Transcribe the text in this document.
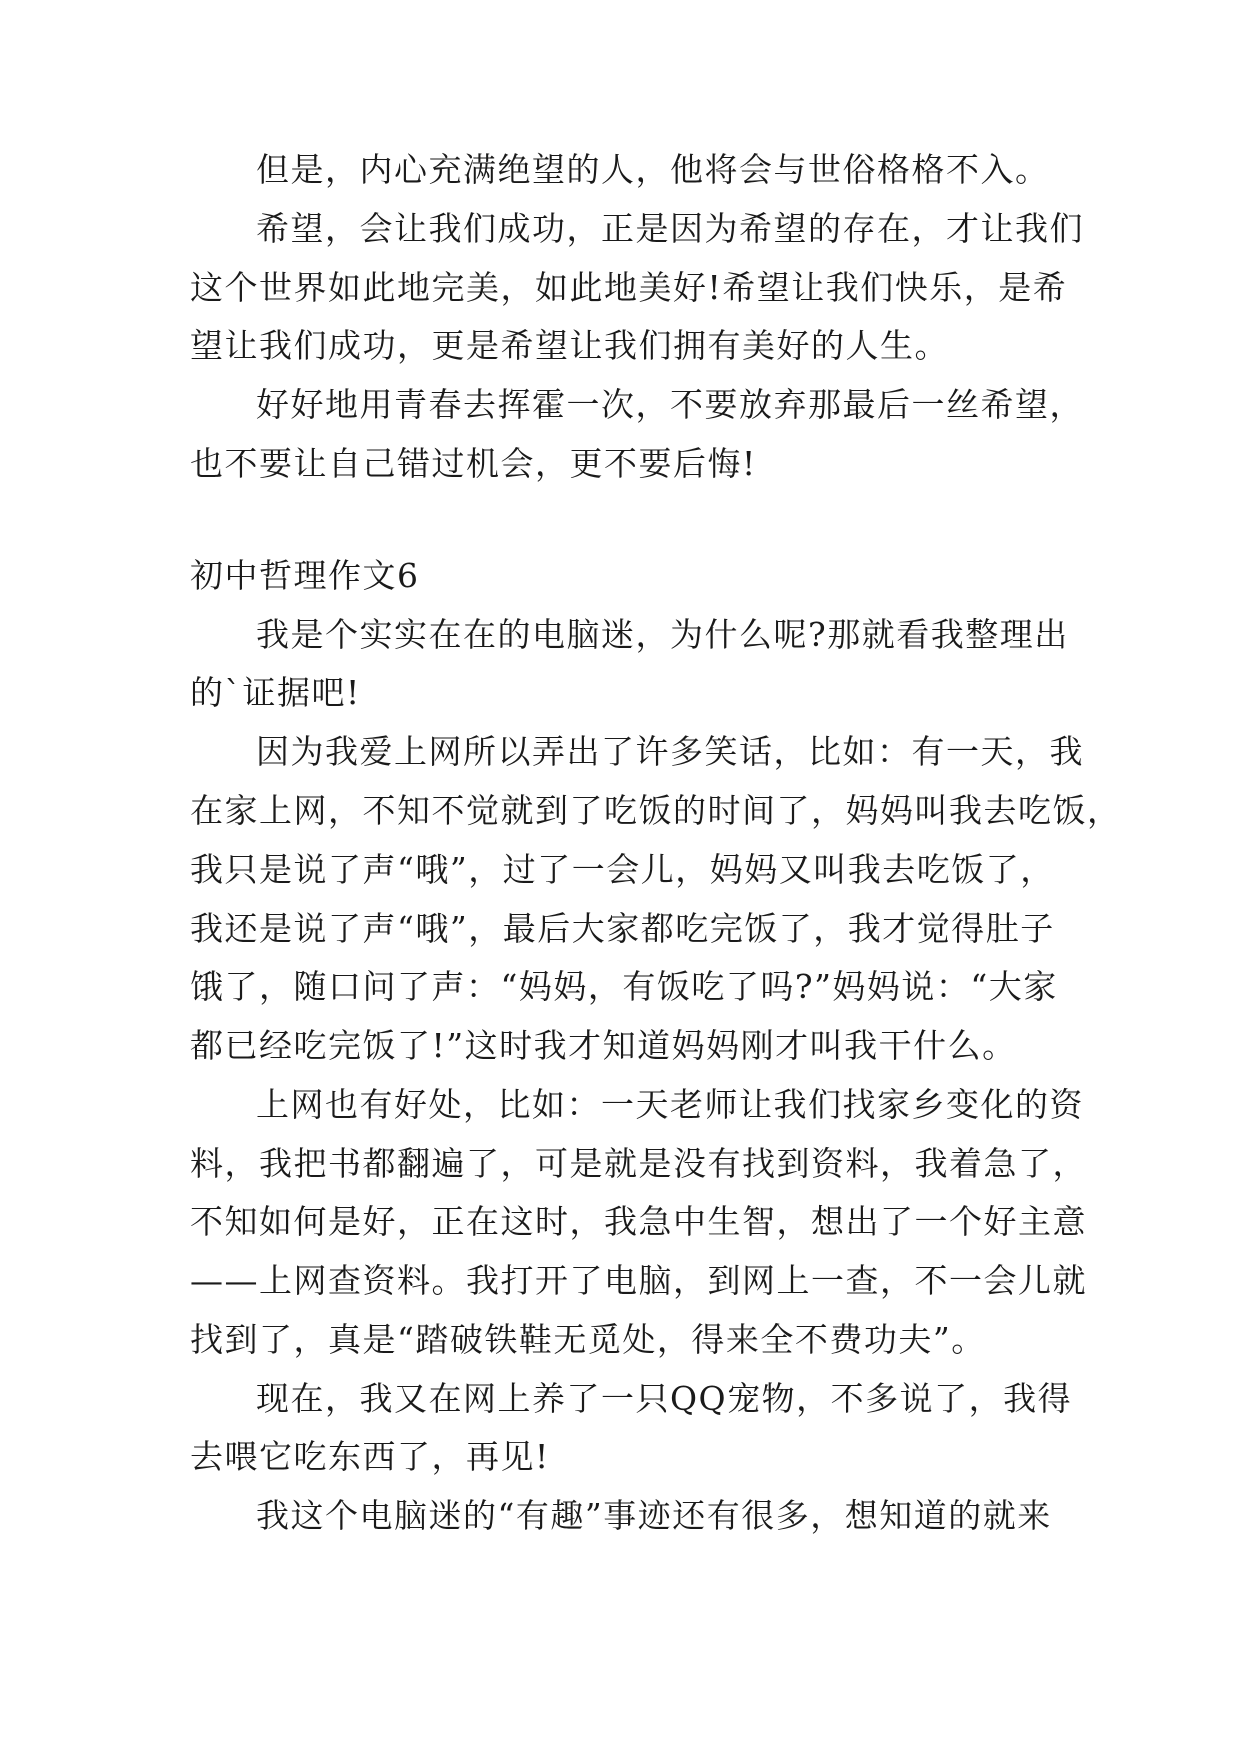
但是，内心充满绝望的人，他将会与世俗格格不入。

希望，会让我们成功，正是因为希望的存在，才让我们

这个世界如此地完美，如此地美好!希望让我们快乐，是希

望让我们成功，更是希望让我们拥有美好的人生。

好好地用青春去挥霍一次，不要放弃那最后一丝希望，

也不要让自己错过机会，更不要后悔!

初中哲理作文6

我是个实实在在的电脑迷，为什么呢?那就看我整理出

的`证据吧!

因为我爱上网所以弄出了许多笑话，比如：有一天，我

在家上网，不知不觉就到了吃饭的时间了，妈妈叫我去吃饭，

我只是说了声“哦”，过了一会儿，妈妈又叫我去吃饭了，

我还是说了声“哦”，最后大家都吃完饭了，我才觉得肚子

饿了，随口问了声：“妈妈，有饭吃了吗?”妈妈说：“大家

都已经吃完饭了!”这时我才知道妈妈刚才叫我干什么。

上网也有好处，比如：一天老师让我们找家乡变化的资

料，我把书都翻遍了，可是就是没有找到资料，我着急了，

不知如何是好，正在这时，我急中生智，想出了一个好主意

——上网查资料。我打开了电脑，到网上一查，不一会儿就

找到了，真是“踏破铁鞋无觅处，得来全不费功夫”。

现在，我又在网上养了一只QQ宠物，不多说了，我得

去喂它吃东西了，再见!

我这个电脑迷的“有趣”事迹还有很多，想知道的就来
